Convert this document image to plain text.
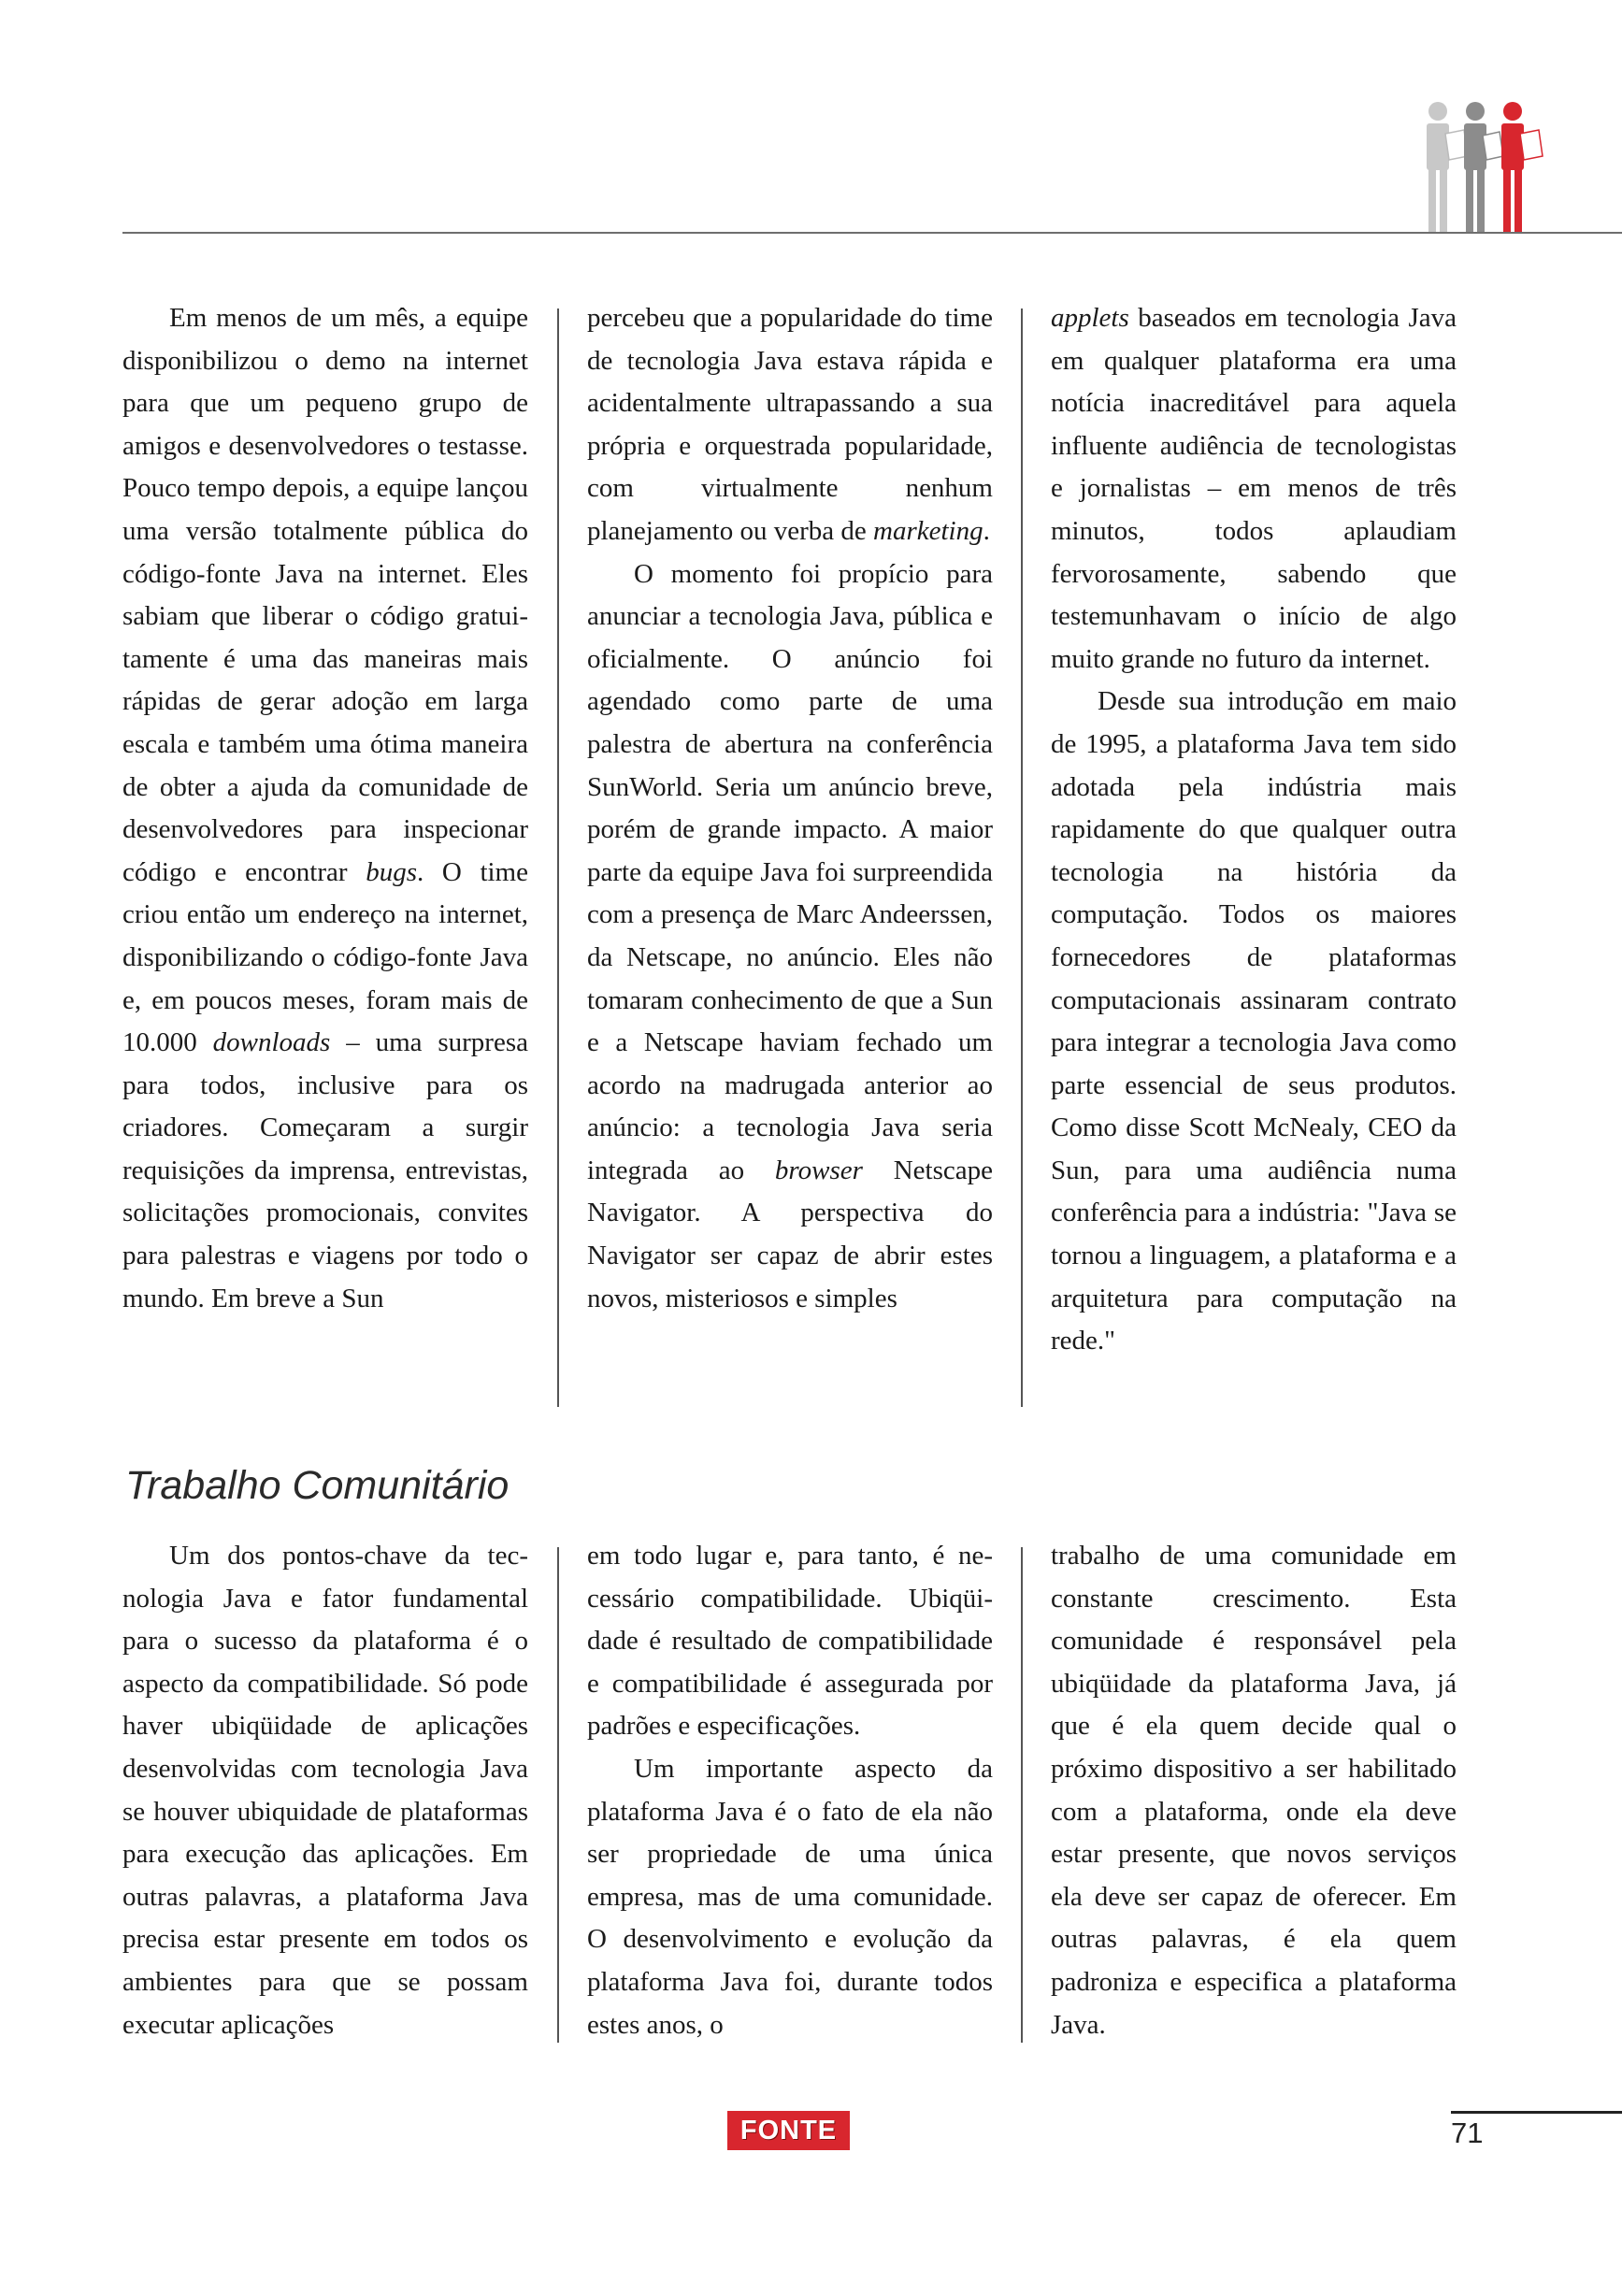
Em menos de um mês, a equipe disponibilizou o demo na internet para que um pequeno grupo de amigos e desenvolvedores o testasse. Pouco tempo depois, a equipe lançou uma versão totalmente pública do código-fonte Java na internet. Eles sabiam que liberar o código gratuitamente é uma das maneiras mais rápidas de gerar adoção em larga escala e também uma ótima maneira de obter a ajuda da comunidade de desenvolvedores para inspecionar código e encontrar bugs. O time criou então um endereço na internet, disponibilizando o código-fonte Java e, em poucos meses, foram mais de 10.000 downloads – uma surpresa para todos, inclusive para os criadores. Começaram a surgir requisições da imprensa, entrevistas, solicitações promocionais, convites para palestras e viagens por todo o mundo. Em breve a Sun

percebeu que a popularidade do time de tecnologia Java estava rápida e acidentalmente ultrapassando a sua própria e orquestrada popularidade, com virtualmente nenhum planejamento ou verba de marketing.

O momento foi propício para anunciar a tecnologia Java, pública e oficialmente. O anúncio foi agendado como parte de uma palestra de abertura na conferência SunWorld. Seria um anúncio breve, porém de grande impacto. A maior parte da equipe Java foi surpreendida com a presença de Marc Andeerssen, da Netscape, no anúncio. Eles não tomaram conhecimento de que a Sun e a Netscape haviam fechado um acordo na madrugada anterior ao anúncio: a tecnologia Java seria integrada ao browser Netscape Navigator. A perspectiva do Navigator ser capaz de abrir estes novos, misteriosos e simples

applets baseados em tecnologia Java em qualquer plataforma era uma notícia inacreditável para aquela influente audiência de tecnologistas e jornalistas – em menos de três minutos, todos aplaudiam fervorosamente, sabendo que testemunhavam o início de algo muito grande no futuro da internet.

Desde sua introdução em maio de 1995, a plataforma Java tem sido adotada pela indústria mais rapidamente do que qualquer outra tecnologia na história da computação. Todos os maiores fornecedores de plataformas computacionais assinaram contrato para integrar a tecnologia Java como parte essencial de seus produtos. Como disse Scott McNealy, CEO da Sun, para uma audiência numa conferência para a indústria: "Java se tornou a linguagem, a plataforma e a arquitetura para computação na rede."

Trabalho Comunitário

Um dos pontos-chave da tecnologia Java e fator fundamental para o sucesso da plataforma é o aspecto da compatibilidade. Só pode haver ubiqüidade de aplicações desenvolvidas com tecnologia Java se houver ubiquidade de plataformas para execução das aplicações. Em outras palavras, a plataforma Java precisa estar presente em todos os ambientes para que se possam executar aplicações

em todo lugar e, para tanto, é necessário compatibilidade. Ubiqüidade é resultado de compatibilidade e compatibilidade é assegurada por padrões e especificações.

Um importante aspecto da plataforma Java é o fato de ela não ser propriedade de uma única empresa, mas de uma comunidade. O desenvolvimento e evolução da plataforma Java foi, durante todos estes anos, o

trabalho de uma comunidade em constante crescimento. Esta comunidade é responsável pela ubiqüidade da plataforma Java, já que é ela quem decide qual o próximo dispositivo a ser habilitado com a plataforma, onde ela deve estar presente, que novos serviços ela deve ser capaz de oferecer. Em outras palavras, é ela quem padroniza e especifica a plataforma Java.

FONTE	71
